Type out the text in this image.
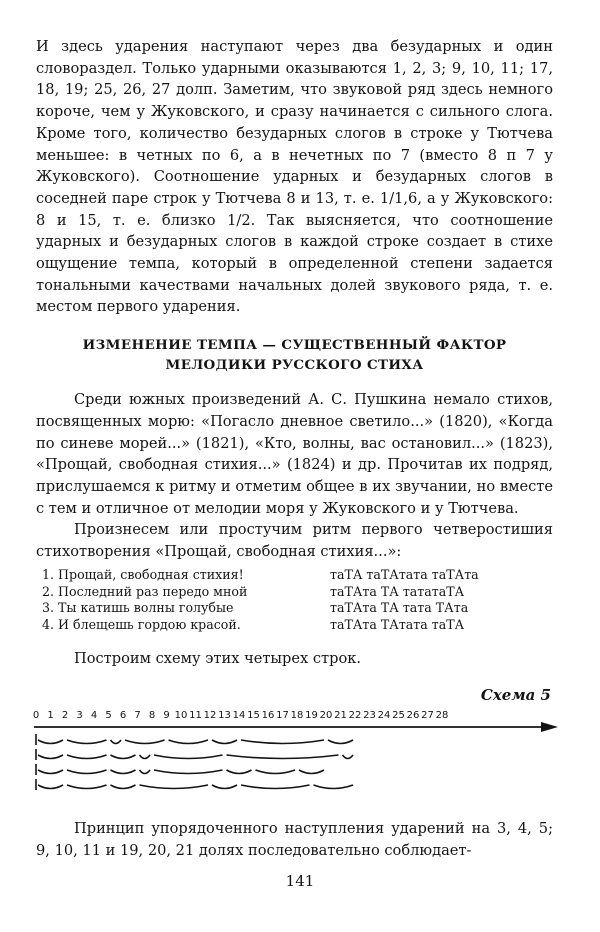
И здесь ударения наступают через два безударных и один словораздел. Только ударными оказываются 1, 2, 3; 9, 10, 11; 17, 18, 19; 25, 26, 27 долп. Заметим, что звуковой ряд здесь немного короче, чем у Жуковского, и сразу начинается с сильного слога. Кроме того, количество безударных слогов в строке у Тютчева меньшее: в четных по 6, а в нечетных по 7 (вместо 8 п 7 у Жуковского). Соотношение ударных и безударных слогов в соседней паре строк у Тютчева 8 и 13, т. е. 1/1,6, а у Жуковского: 8 и 15, т. е. близко 1/2. Так выясняется, что соотношение ударных и безударных слогов в каждой строке создает в стихе ощущение темпа, который в определенной степени задается тональными качествами начальных долей звукового ряда, т. е. местом первого ударения.

ИЗМЕНЕНИЕ ТЕМПА — СУЩЕСТВЕННЫЙ ФАКТОР
МЕЛОДИКИ РУССКОГО СТИХА

Среди южных произведений А. С. Пушкина немало стихов, посвященных морю: «Погасло дневное светило...» (1820), «Когда по синеве морей...» (1821), «Кто, волны, вас остановил...» (1823), «Прощай, свободная стихия...» (1824) и др. Прочитав их подряд, прислушаемся к ритму и отметим общее в их звучании, но вместе с тем и отличное от мелодии моря у Жуковского и у Тютчева.

Произнесем или простучим ритм первого четверостишия стихотворения «Прощай, свободная стихия...»:

1. Прощай, свободная стихия!	таТА таТАтата таТАта
2. Последний раз передо мной	таТАта ТА тататаТА
3. Ты катишь волны голубые	таТАта ТА тата ТАта
4. И блещешь гордою красой.	таТАта ТАтата таТА

Построим схему этих четырех строк.

Схема 5
0 1 2 3 4 5 6 7 8 9 10 11 12 13 14 15 16 17 18 19 20 21 22 23 24 25 26 27 28

Принцип упорядоченного наступления ударений на 3, 4, 5; 9, 10, 11 и 19, 20, 21 долях последовательно соблюдает-

141
